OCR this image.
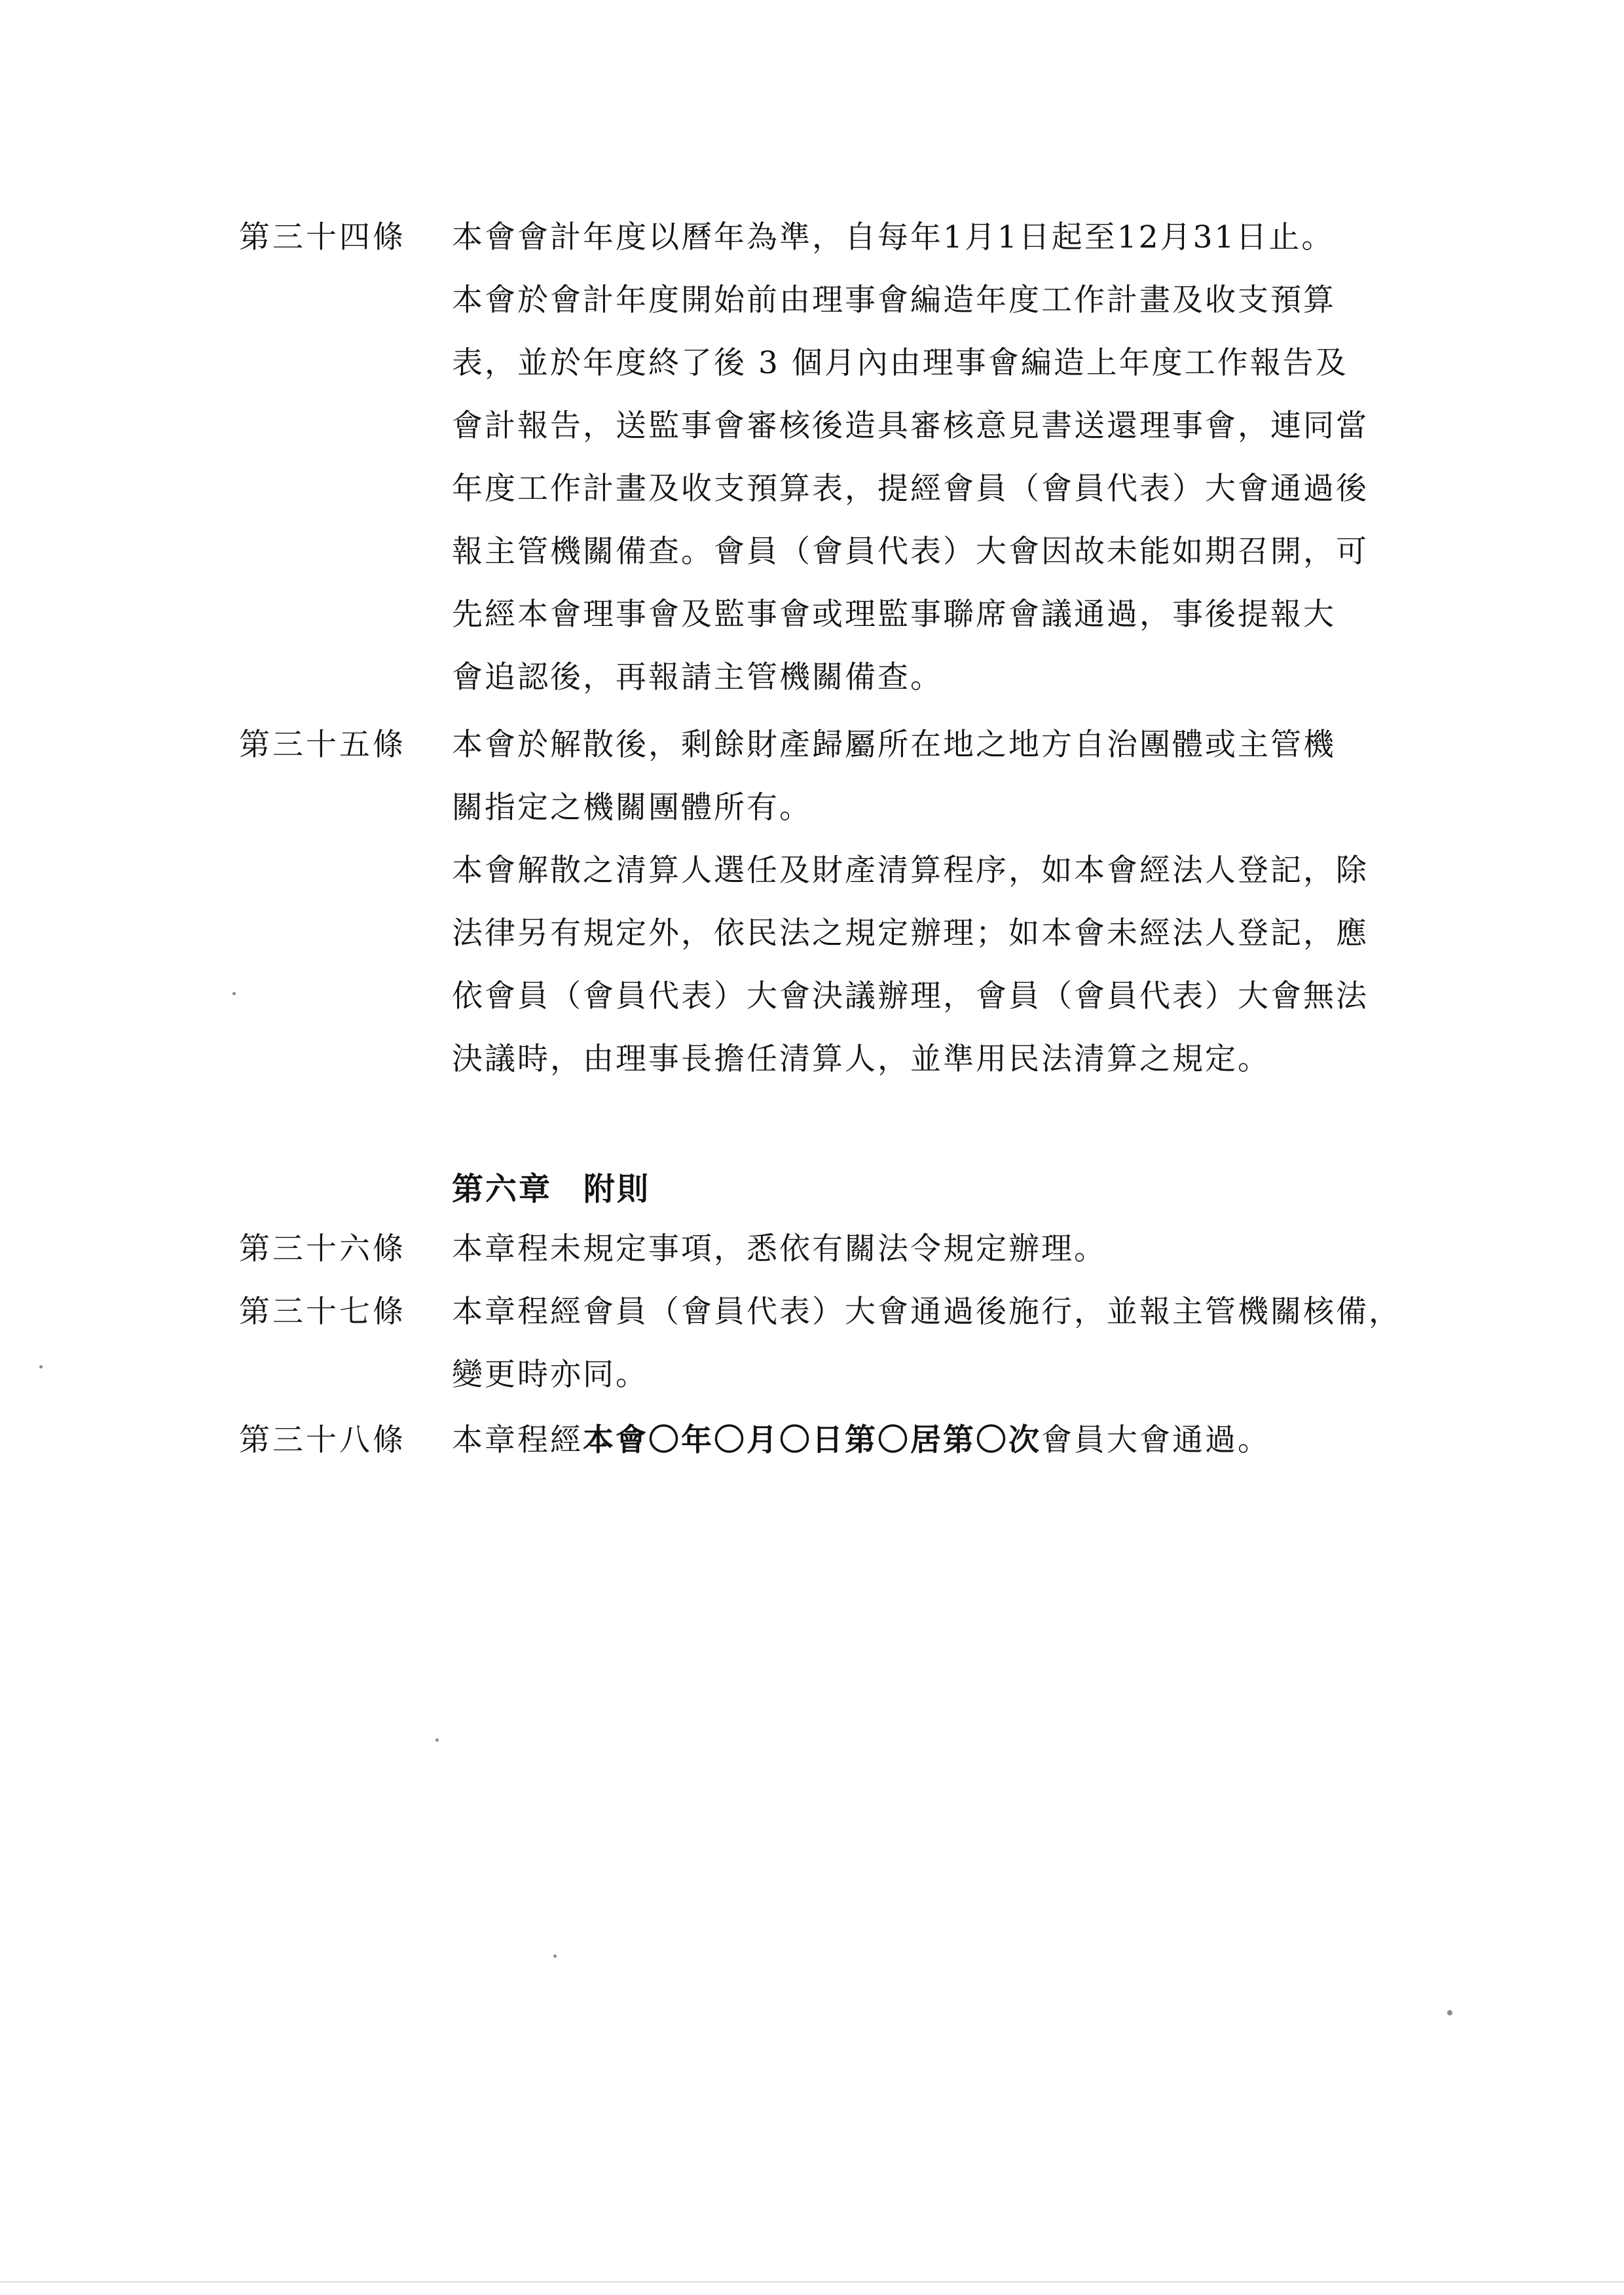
第三十四條 本會會計年度以曆年為準，自每年1月1日起至12月31日止。
本會於會計年度開始前由理事會編造年度工作計畫及收支預算
表，並於年度終了後 3 個月內由理事會編造上年度工作報告及
會計報告，送監事會審核後造具審核意見書送還理事會，連同當
年度工作計畫及收支預算表，提經會員（會員代表）大會通過後
報主管機關備查。會員（會員代表）大會因故未能如期召開，可
先經本會理事會及監事會或理監事聯席會議通過，事後提報大
會追認後，再報請主管機關備查。
第三十五條 本會於解散後，剩餘財產歸屬所在地之地方自治團體或主管機
關指定之機關團體所有。
本會解散之清算人選任及財產清算程序，如本會經法人登記，除
法律另有規定外，依民法之規定辦理；如本會未經法人登記，應
依會員（會員代表）大會決議辦理，會員（會員代表）大會無法
決議時，由理事長擔任清算人，並準用民法清算之規定。
第六章 附則
第三十六條 本章程未規定事項，悉依有關法令規定辦理。
第三十七條 本章程經會員（會員代表）大會通過後施行，並報主管機關核備，
變更時亦同。
第三十八條 本章程經本會〇年〇月〇日第〇居第〇次會員大會通過。
